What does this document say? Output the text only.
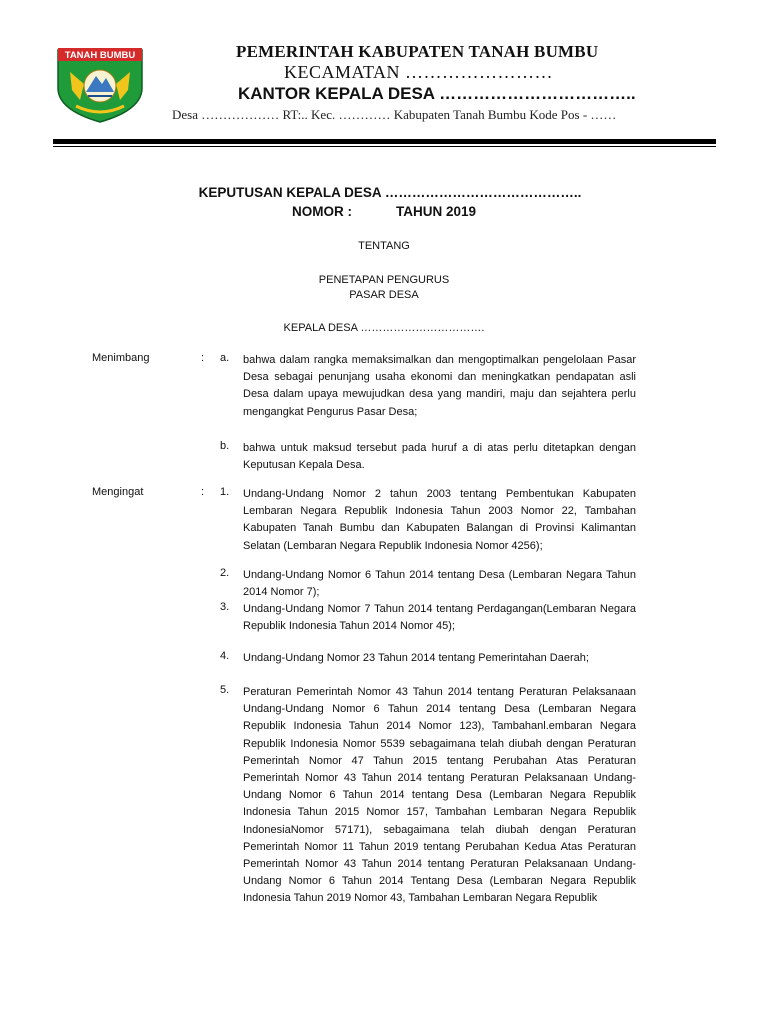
TANAH BUMBU	PEMERINTAH KABUPATEN TANAH BUMBU
KECAMATAN ……………………
KANTOR KEPALA DESA ……………………………..
Desa ……………… RT:.. Kec. ………… Kabupaten Tanah Bumbu Kode Pos - ……
KEPUTUSAN KEPALA DESA ……………………………………..
NOMOR :	TAHUN 2019
TENTANG
PENETAPAN PENGURUS
PASAR DESA
KEPALA DESA …………………………….
Menimbang	: a. bahwa dalam rangka memaksimalkan dan mengoptimalkan pengelolaan Pasar Desa sebagai penunjang usaha ekonomi dan meningkatkan pendapatan asli Desa dalam upaya mewujudkan desa yang mandiri, maju dan sejahtera perlu mengangkat Pengurus Pasar Desa;
b. bahwa untuk maksud tersebut pada huruf a di atas perlu ditetapkan dengan Keputusan Kepala Desa.
Mengingat	: 1. Undang-Undang Nomor 2 tahun 2003 tentang Pembentukan Kabupaten Lembaran Negara Republik Indonesia Tahun 2003 Nomor 22, Tambahan Kabupaten Tanah Bumbu dan Kabupaten Balangan di Provinsi Kalimantan Selatan (Lembaran Negara Republik Indonesia Nomor 4256);
2. Undang-Undang Nomor 6 Tahun 2014 tentang Desa (Lembaran Negara Tahun 2014 Nomor 7);
3. Undang-Undang Nomor 7 Tahun 2014 tentang Perdagangan(Lembaran Negara Republik Indonesia Tahun 2014 Nomor 45);
4. Undang-Undang Nomor 23 Tahun 2014 tentang Pemerintahan Daerah;
5. Peraturan Pemerintah Nomor 43 Tahun 2014 tentang Peraturan Pelaksanaan Undang-Undang Nomor 6 Tahun 2014 tentang Desa (Lembaran Negara Republik Indonesia Tahun 2014 Nomor 123), Tambahanl.embaran Negara Republik Indonesia Nomor 5539 sebagaimana telah diubah dengan Peraturan Pemerintah Nomor 47 Tahun 2015 tentang Perubahan Atas Peraturan Pemerintah Nomor 43 Tahun 2014 tentang Peraturan Pelaksanaan Undang-Undang Nomor 6 Tahun 2014 tentang Desa (Lembaran Negara Republik Indonesia Tahun 2015 Nomor 157, Tambahan Lembaran Negara Republik IndonesiaNomor 57171), sebagaimana telah diubah dengan Peraturan Pemerintah Nomor 11 Tahun 2019 tentang Perubahan Kedua Atas Peraturan Pemerintah Nomor 43 Tahun 2014 tentang Peraturan Pelaksanaan Undang-Undang Nomor 6 Tahun 2014 Tentang Desa (Lembaran Negara Republik Indonesia Tahun 2019 Nomor 43, Tambahan Lembaran Negara Republik
